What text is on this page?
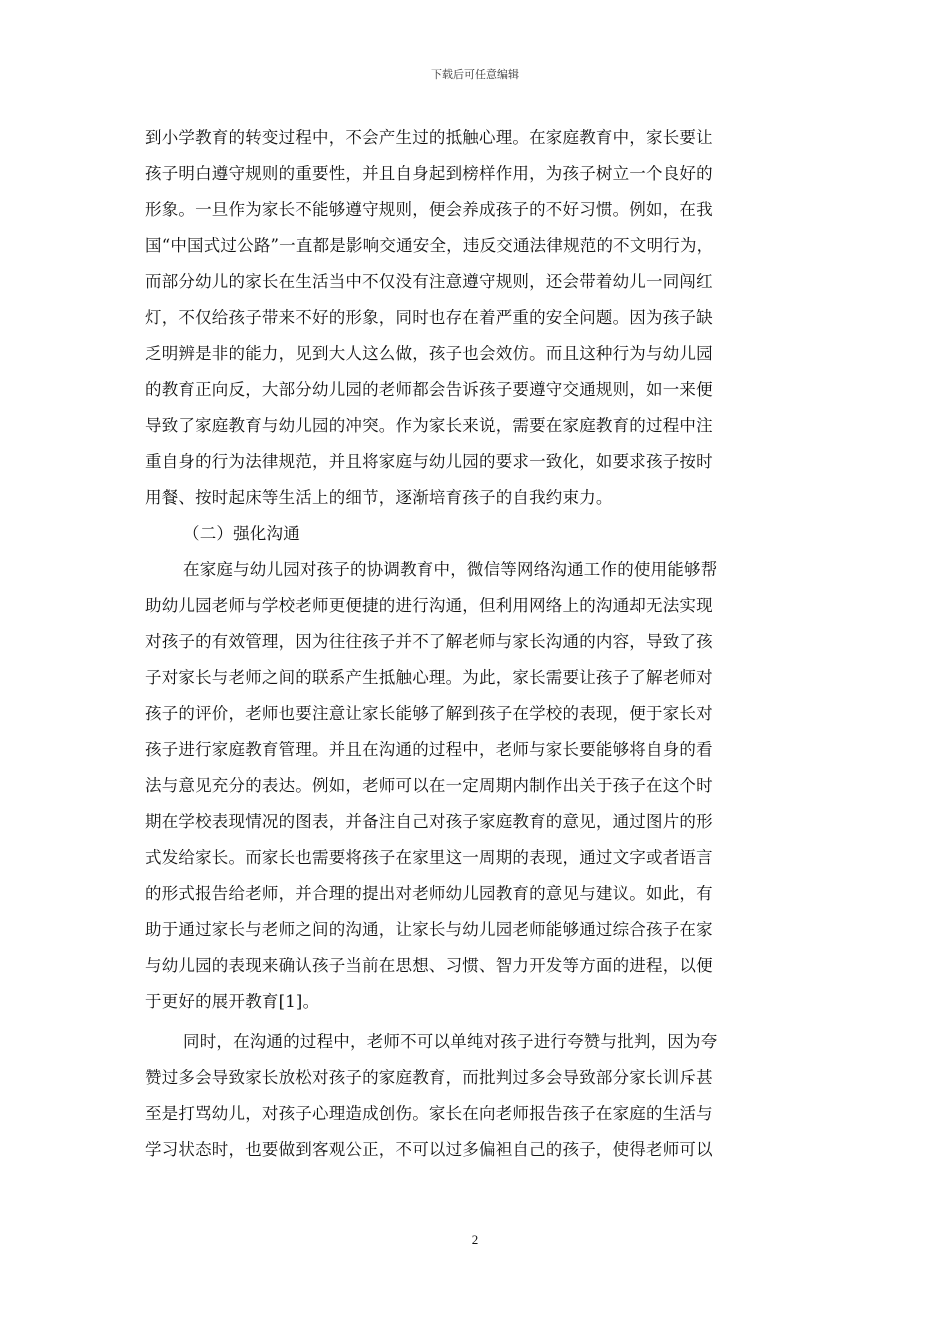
下载后可任意编辑
到小学教育的转变过程中，不会产生过的抵触心理。在家庭教育中，家长要让
孩子明白遵守规则的重要性，并且自身起到榜样作用，为孩子树立一个良好的
形象。一旦作为家长不能够遵守规则，便会养成孩子的不好习惯。例如，在我
国“中国式过公路”一直都是影响交通安全，违反交通法律规范的不文明行为，
而部分幼儿的家长在生活当中不仅没有注意遵守规则，还会带着幼儿一同闯红
灯，不仅给孩子带来不好的形象，同时也存在着严重的安全问题。因为孩子缺
乏明辨是非的能力，见到大人这么做，孩子也会效仿。而且这种行为与幼儿园
的教育正向反，大部分幼儿园的老师都会告诉孩子要遵守交通规则，如一来便
导致了家庭教育与幼儿园的冲突。作为家长来说，需要在家庭教育的过程中注
重自身的行为法律规范，并且将家庭与幼儿园的要求一致化，如要求孩子按时
用餐、按时起床等生活上的细节，逐渐培育孩子的自我约束力。
（二）强化沟通
在家庭与幼儿园对孩子的协调教育中，微信等网络沟通工作的使用能够帮
助幼儿园老师与学校老师更便捷的进行沟通，但利用网络上的沟通却无法实现
对孩子的有效管理，因为往往孩子并不了解老师与家长沟通的内容，导致了孩
子对家长与老师之间的联系产生抵触心理。为此，家长需要让孩子了解老师对
孩子的评价，老师也要注意让家长能够了解到孩子在学校的表现，便于家长对
孩子进行家庭教育管理。并且在沟通的过程中，老师与家长要能够将自身的看
法与意见充分的表达。例如，老师可以在一定周期内制作出关于孩子在这个时
期在学校表现情况的图表，并备注自己对孩子家庭教育的意见，通过图片的形
式发给家长。而家长也需要将孩子在家里这一周期的表现，通过文字或者语言
的形式报告给老师，并合理的提出对老师幼儿园教育的意见与建议。如此，有
助于通过家长与老师之间的沟通，让家长与幼儿园老师能够通过综合孩子在家
与幼儿园的表现来确认孩子当前在思想、习惯、智力开发等方面的进程，以便
于更好的展开教育[1]。
同时，在沟通的过程中，老师不可以单纯对孩子进行夸赞与批判，因为夸
赞过多会导致家长放松对孩子的家庭教育，而批判过多会导致部分家长训斥甚
至是打骂幼儿，对孩子心理造成创伤。家长在向老师报告孩子在家庭的生活与
学习状态时，也要做到客观公正，不可以过多偏袒自己的孩子，使得老师可以
2
